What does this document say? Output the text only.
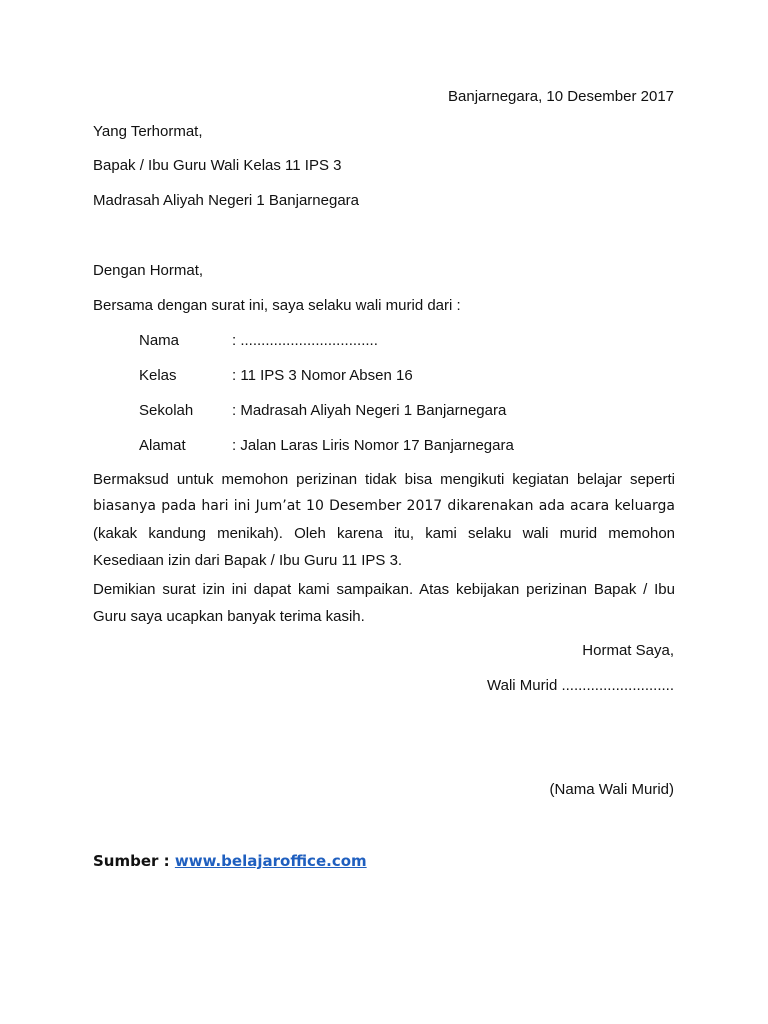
Banjarnegara, 10 Desember 2017
Yang Terhormat,
Bapak / Ibu Guru Wali Kelas 11 IPS 3
Madrasah Aliyah Negeri 1 Banjarnegara
Dengan Hormat,
Bersama dengan surat ini, saya selaku wali murid dari :
Nama	: .................................
Kelas	: 11 IPS 3 Nomor Absen 16
Sekolah	: Madrasah Aliyah Negeri 1 Banjarnegara
Alamat	: Jalan Laras Liris Nomor 17 Banjarnegara
Bermaksud untuk memohon perizinan tidak bisa mengikuti kegiatan belajar seperti
biasanya pada hari ini Jum’at 10 Desember 2017 dikarenakan ada acara keluarga
(kakak kandung menikah). Oleh karena itu, kami selaku wali murid memohon
Kesediaan izin dari Bapak / Ibu Guru 11 IPS 3.
Demikian surat izin ini dapat kami sampaikan. Atas kebijakan perizinan Bapak / Ibu
Guru saya ucapkan banyak terima kasih.
Hormat Saya,
Wali Murid ...........................
(Nama Wali Murid)
Sumber : www.belajaroffice.com
